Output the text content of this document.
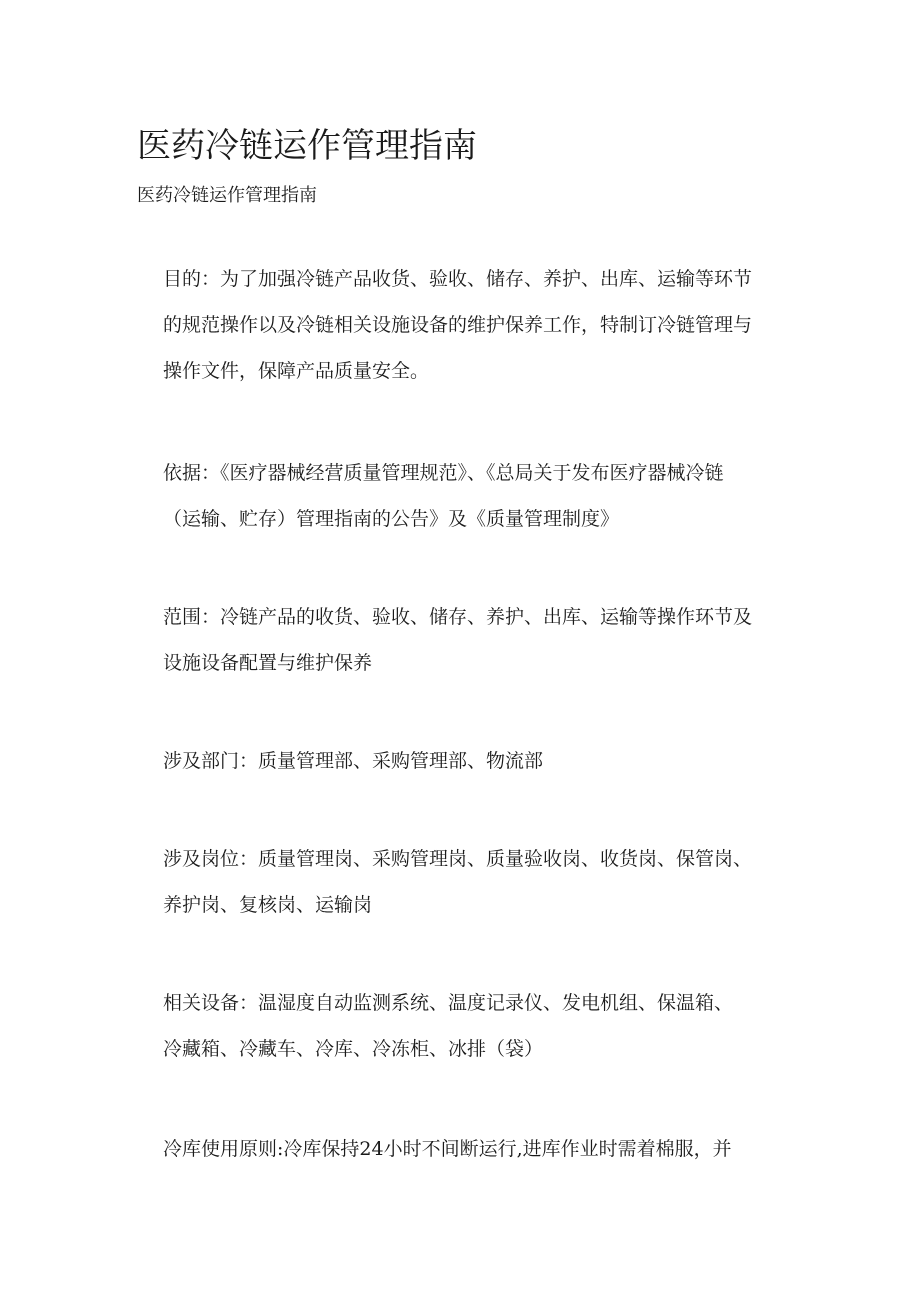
医药冷链运作管理指南
医药冷链运作管理指南
目的：为了加强冷链产品收货、验收、储存、养护、出库、运输等环节
的规范操作以及冷链相关设施设备的维护保养工作，特制订冷链管理与
操作文件，保障产品质量安全。
依据：《医疗器械经营质量管理规范》、《总局关于发布医疗器械冷链
（运输、贮存）管理指南的公告》及《质量管理制度》
范围：冷链产品的收货、验收、储存、养护、出库、运输等操作环节及
设施设备配置与维护保养
涉及部门：质量管理部、采购管理部、物流部
涉及岗位：质量管理岗、采购管理岗、质量验收岗、收货岗、保管岗、
养护岗、复核岗、运输岗
相关设备：温湿度自动监测系统、温度记录仪、发电机组、保温箱、
冷藏箱、冷藏车、冷库、冷冻柜、冰排（袋）
冷库使用原则:冷库保持24小时不间断运行,进库作业时需着棉服，并
